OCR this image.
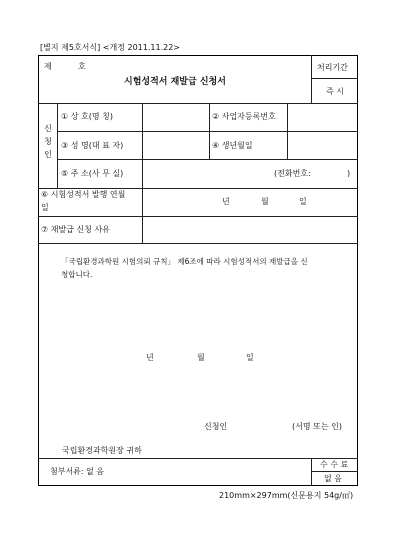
[별지 제5호서식] <개정 2011.11.22>
제	호
시험성적서 재발급 신청서
처리기간
즉 시
신청인
① 상 호(명 칭)	② 사업자등록번호
③ 성 명(대 표 자)	④ 생년월일
⑤ 주 소(사 무 실)	(전화번호:	)
⑥ 시험성적서 발행 연월
일
년	월	일
⑦ 재발급 신청 사유
「국립환경과학원 시험의뢰 규칙」 제6조에 따라 시험성적서의 재발급을 신
청합니다.
년	월	일
신청인	(서명 또는 인)
국립환경과학원장 귀하
첨부서류: 없 음
수 수 료
없 음
210mm×297mm(신문용지 54g/㎡)
